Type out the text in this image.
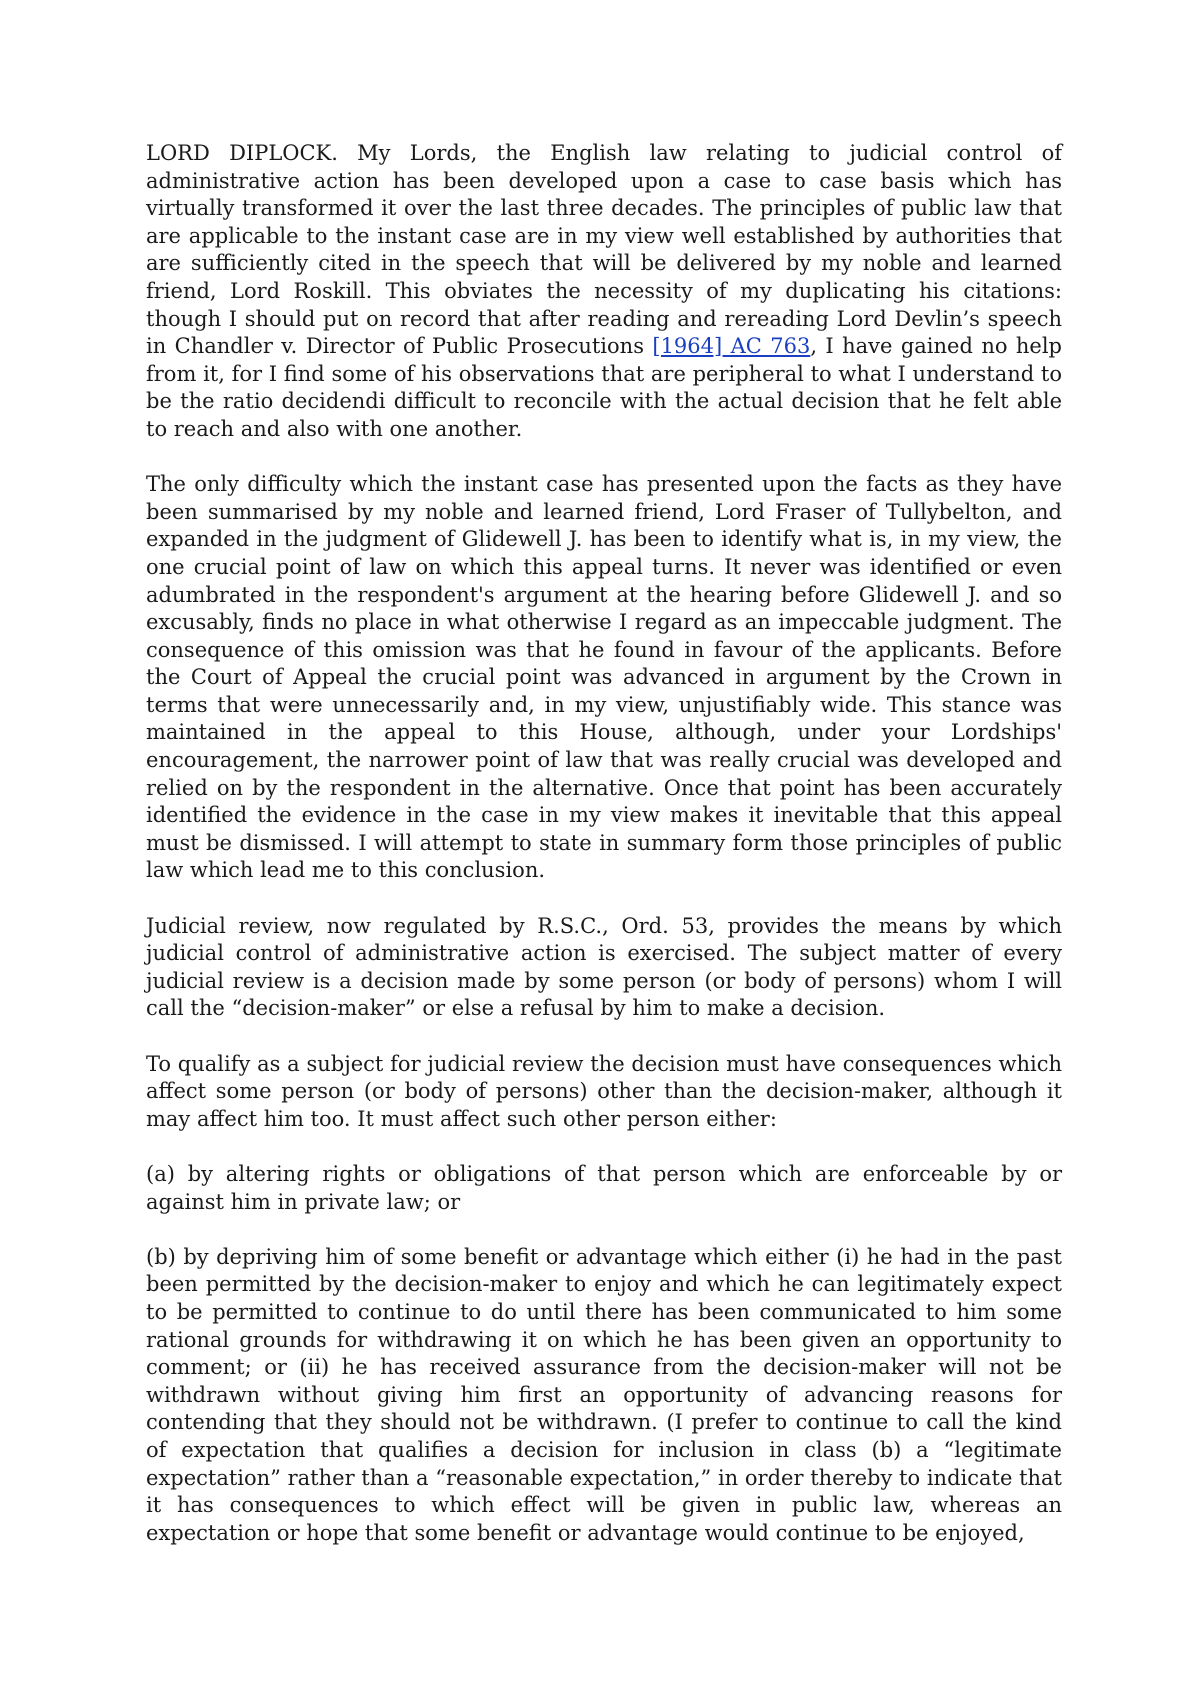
LORD DIPLOCK. My Lords, the English law relating to judicial control of administrative action has been developed upon a case to case basis which has virtually transformed it over the last three decades. The principles of public law that are applicable to the instant case are in my view well established by authorities that are sufficiently cited in the speech that will be delivered by my noble and learned friend, Lord Roskill. This obviates the necessity of my duplicating his citations: though I should put on record that after reading and rereading Lord Devlin’s speech in Chandler v. Director of Public Prosecutions [1964] AC 763, I have gained no help from it, for I find some of his observations that are peripheral to what I understand to be the ratio decidendi difficult to reconcile with the actual decision that he felt able to reach and also with one another.

The only difficulty which the instant case has presented upon the facts as they have been summarised by my noble and learned friend, Lord Fraser of Tullybelton, and expanded in the judgment of Glidewell J. has been to identify what is, in my view, the one crucial point of law on which this appeal turns. It never was identified or even adumbrated in the respondent's argument at the hearing before Glidewell J. and so excusably, finds no place in what otherwise I regard as an impeccable judgment. The consequence of this omission was that he found in favour of the applicants. Before the Court of Appeal the crucial point was advanced in argument by the Crown in terms that were unnecessarily and, in my view, unjustifiably wide. This stance was maintained in the appeal to this House, although, under your Lordships' encouragement, the narrower point of law that was really crucial was developed and relied on by the respondent in the alternative. Once that point has been accurately identified the evidence in the case in my view makes it inevitable that this appeal must be dismissed. I will attempt to state in summary form those principles of public law which lead me to this conclusion.

Judicial review, now regulated by R.S.C., Ord. 53, provides the means by which judicial control of administrative action is exercised. The subject matter of every judicial review is a decision made by some person (or body of persons) whom I will call the “decision-maker” or else a refusal by him to make a decision.

To qualify as a subject for judicial review the decision must have consequences which affect some person (or body of persons) other than the decision-maker, although it may affect him too. It must affect such other person either:

(a) by altering rights or obligations of that person which are enforceable by or against him in private law; or

(b) by depriving him of some benefit or advantage which either (i) he had in the past been permitted by the decision-maker to enjoy and which he can legitimately expect to be permitted to continue to do until there has been communicated to him some rational grounds for withdrawing it on which he has been given an opportunity to comment; or (ii) he has received assurance from the decision-maker will not be withdrawn without giving him first an opportunity of advancing reasons for contending that they should not be withdrawn. (I prefer to continue to call the kind of expectation that qualifies a decision for inclusion in class (b) a “legitimate expectation” rather than a “reasonable expectation,” in order thereby to indicate that it has consequences to which effect will be given in public law, whereas an expectation or hope that some benefit or advantage would continue to be enjoyed,
